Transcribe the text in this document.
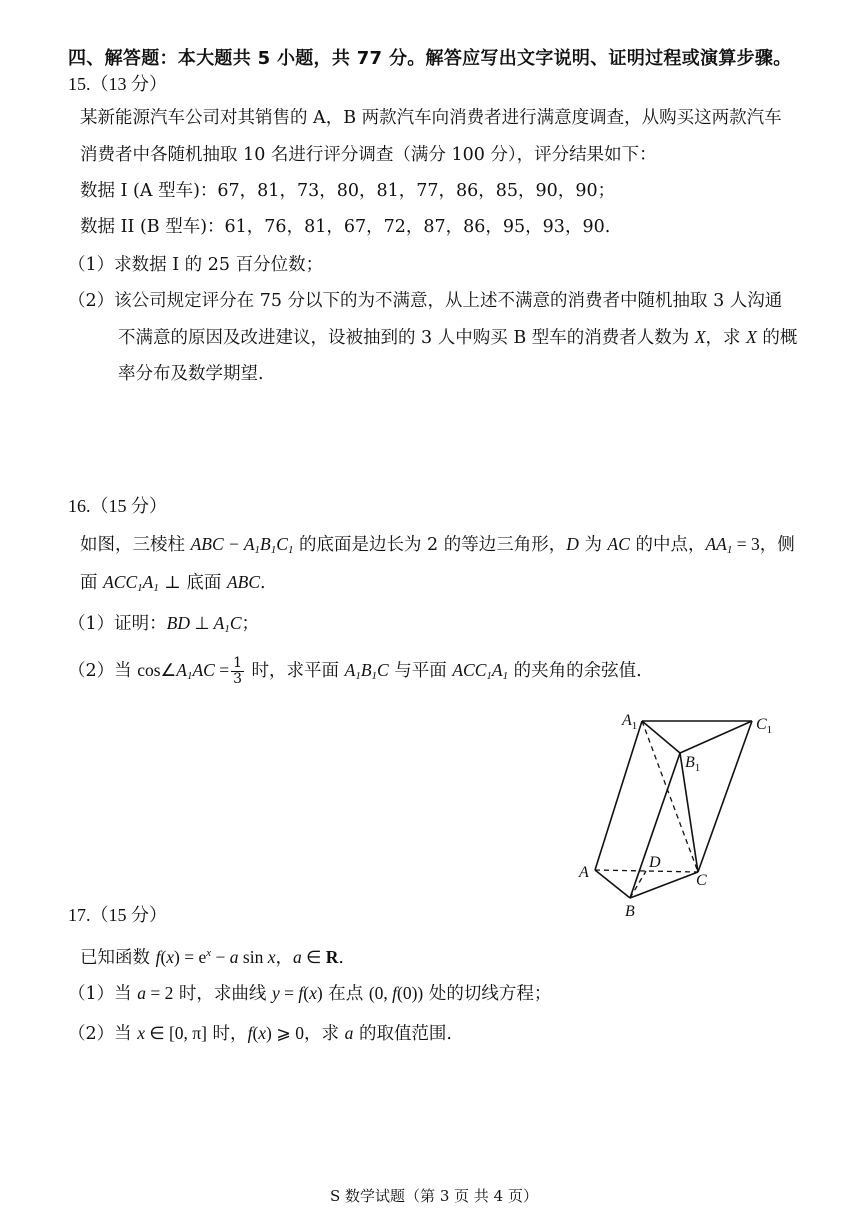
四、解答题：本大题共 5 小题，共 77 分。解答应写出文字说明、证明过程或演算步骤。
15.（13 分）
某新能源汽车公司对其销售的 A，B 两款汽车向消费者进行满意度调查，从购买这两款汽车
消费者中各随机抽取 10 名进行评分调查（满分 100 分），评分结果如下：
数据 I (A 型车)：67，81，73，80，81，77，86，85，90，90；
数据 II (B 型车)：61，76，81，67，72，87，86，95，93，90.
（1）求数据 I 的 25 百分位数；
（2）该公司规定评分在 75 分以下的为不满意，从上述不满意的消费者中随机抽取 3 人沟通
不满意的原因及改进建议，设被抽到的 3 人中购买 B 型车的消费者人数为 X，求 X 的概
率分布及数学期望.
16.（15 分）
如图，三棱柱 ABC − $A_1B_1C_1$ 的底面是边长为 2 的等边三角形，D 为 AC 的中点，$AA_1 = 3$，侧
面 $ACC_1A_1$ ⊥ 底面 ABC.
（1）证明：BD ⊥ $A_1C$；
（2）当 $\cos\angle A_1AC = \frac{1}{3}$ 时，求平面 $A_1B_1C$ 与平面 $ACC_1A_1$ 的夹角的余弦值.
$A_1$	$C_1$
$B_1$
A
D
C
B
17.（15 分）
已知函数 $f(x) = e^x - a$ sin x，a ∈ R.
（1）当 a = 2 时，求曲线 y = f(x) 在点 (0, f(0)) 处的切线方程；
（2）当 x ∈ [0, π] 时，f(x) ⩾ 0，求 a 的取值范围.
S 数学试题（第 3 页 共 4 页）
